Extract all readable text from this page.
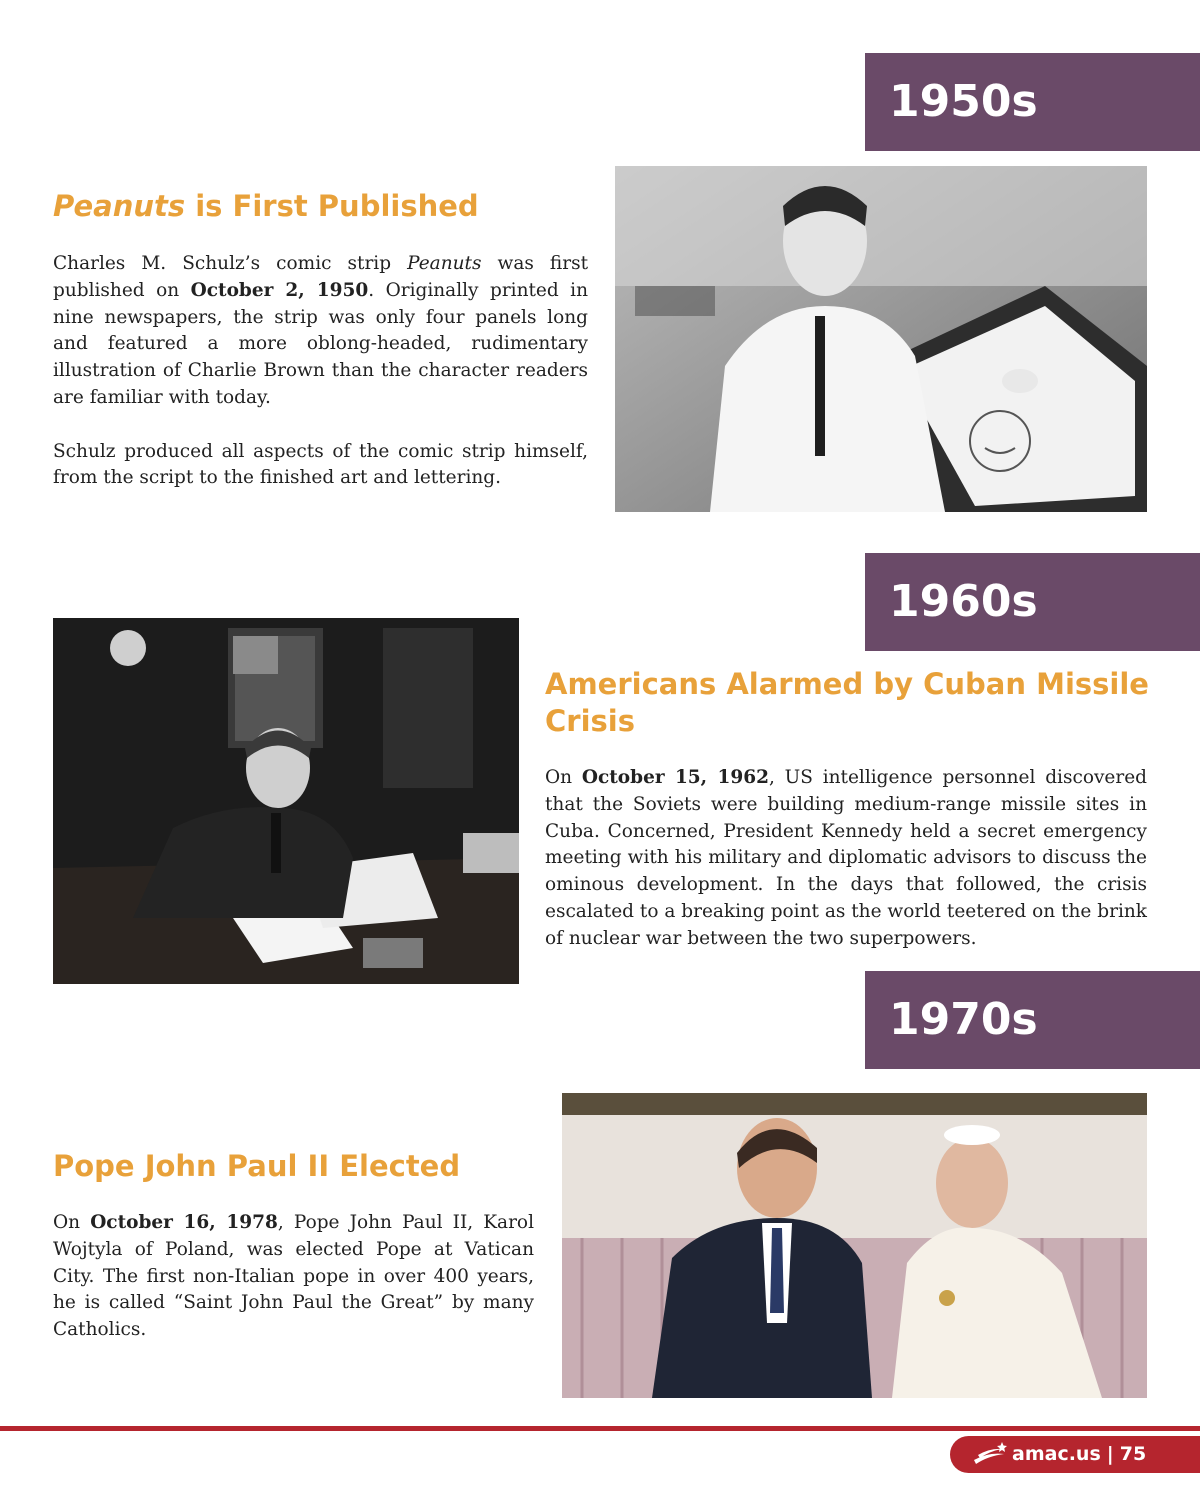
1950s
Peanuts is First Published

Charles M. Schulz’s comic strip Peanuts was first published on October 2, 1950. Originally printed in nine newspapers, the strip was only four panels long and featured a more oblong-headed, rudimentary illustration of Charlie Brown than the character readers are familiar with today.

Schulz produced all aspects of the comic strip himself, from the script to the finished art and lettering.

1960s
Americans Alarmed by Cuban Missile Crisis

On October 15, 1962, US intelligence personnel discovered that the Soviets were building medium-range missile sites in Cuba. Concerned, President Kennedy held a secret emergency meeting with his military and diplomatic advisors to discuss the ominous development. In the days that followed, the crisis escalated to a breaking point as the world teetered on the brink of nuclear war between the two superpowers.

1970s
Pope John Paul II Elected

On October 16, 1978, Pope John Paul II, Karol Wojtyla of Poland, was elected Pope at Vatican City. The first non-Italian pope in over 400 years, he is called “Saint John Paul the Great” by many Catholics.

amac.us | 75
